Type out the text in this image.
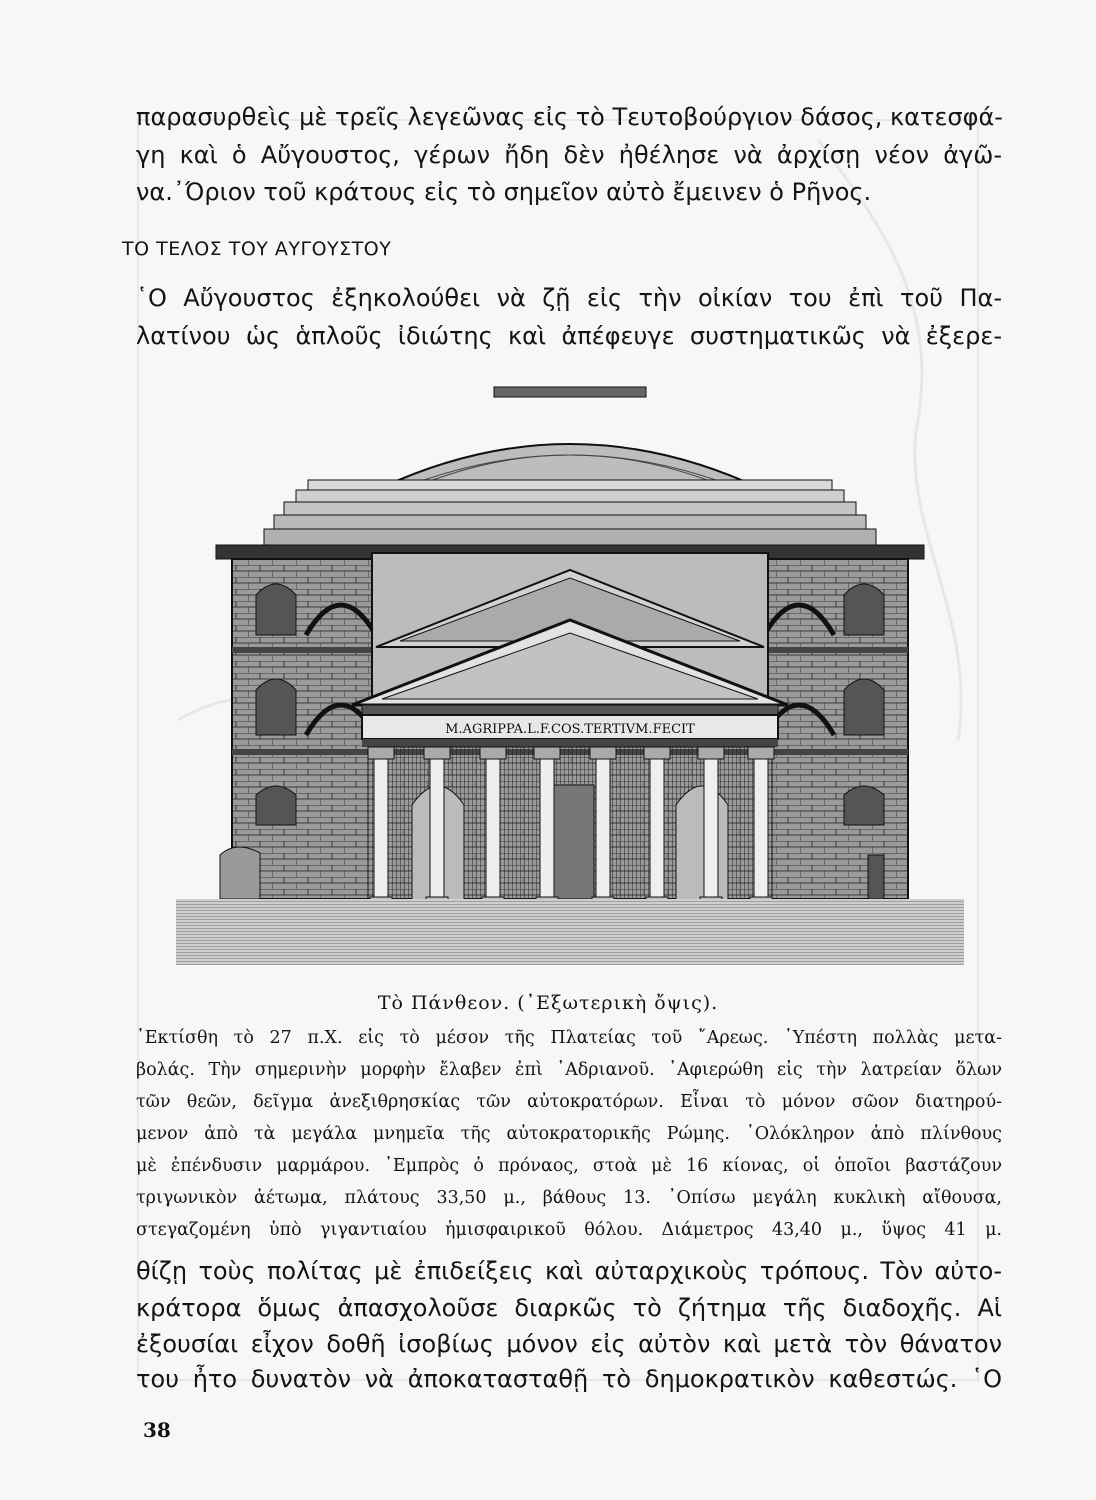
παρασυρθεὶς μὲ τρεῖς λεγεῶνας εἰς τὸ Τευτοβούργιον δάσος, κατεσφά-
γη καὶ ὁ Αὔγουστος, γέρων ἤδη δὲν ἠθέλησε νὰ ἀρχίσῃ νέον ἀγῶ-
να.᾿Όριον τοῦ κράτους εἰς τὸ σημεῖον αὐτὸ ἔμεινεν ὁ Ρῆνος.
ΤΟ ΤΕΛΟΣ ΤΟΥ ΑΥΓΟΥΣΤΟΥ
῾Ο Αὔγουστος ἐξηκολούθει νὰ ζῇ εἰς τὴν οἰκίαν του ἐπὶ τοῦ Πα-
λατίνου ὡς ἁπλοῦς ἰδιώτης καὶ ἀπέφευγε συστηματικῶς νὰ ἐξερε-
M.AGRIPPA.L.F.COS.TERTIVM.FECIT
Τὸ Πάνθεον. (᾿Εξωτερικὴ ὄψις).
᾿Εκτίσθη τὸ 27 π.Χ. εἰς τὸ μέσον τῆς Πλατείας τοῦ ῎Αρεως. ῾Υπέστη πολλὰς μετα-
βολάς. Τὴν σημερινὴν μορφὴν ἔλαβεν ἐπὶ ᾿Αδριανοῦ. ᾿Αφιερώθη εἰς τὴν λατρείαν ὅλων
τῶν θεῶν, δεῖγμα ἀνεξιθρησκίας τῶν αὐτοκρατόρων. Εἶναι τὸ μόνον σῶον διατηρού-
μενον ἀπὸ τὰ μεγάλα μνημεῖα τῆς αὐτοκρατορικῆς Ρώμης. ῾Ολόκληρον ἀπὸ πλίνθους
μὲ ἐπένδυσιν μαρμάρου. ᾿Εμπρὸς ὁ πρόναος, στοὰ μὲ 16 κίονας, οἱ ὁποῖοι βαστάζουν
τριγωνικὸν ἀέτωμα, πλάτους 33,50 μ., βάθους 13. ᾿Οπίσω μεγάλη κυκλικὴ αἴθουσα,
στεγαζομένη ὑπὸ γιγαντιαίου ἡμισφαιρικοῦ θόλου. Διάμετρος 43,40 μ., ὕψος 41 μ.
θίζῃ τοὺς πολίτας μὲ ἐπιδείξεις καὶ αὐταρχικοὺς τρόπους. Τὸν αὐτο-
κράτορα ὅμως ἀπασχολοῦσε διαρκῶς τὸ ζήτημα τῆς διαδοχῆς. Αἱ
ἐξουσίαι εἶχον δοθῆ ἰσοβίως μόνον εἰς αὐτὸν καὶ μετὰ τὸν θάνατον
του ἦτο δυνατὸν νὰ ἀποκατασταθῇ τὸ δημοκρατικὸν καθεστώς. ῾Ο
38
